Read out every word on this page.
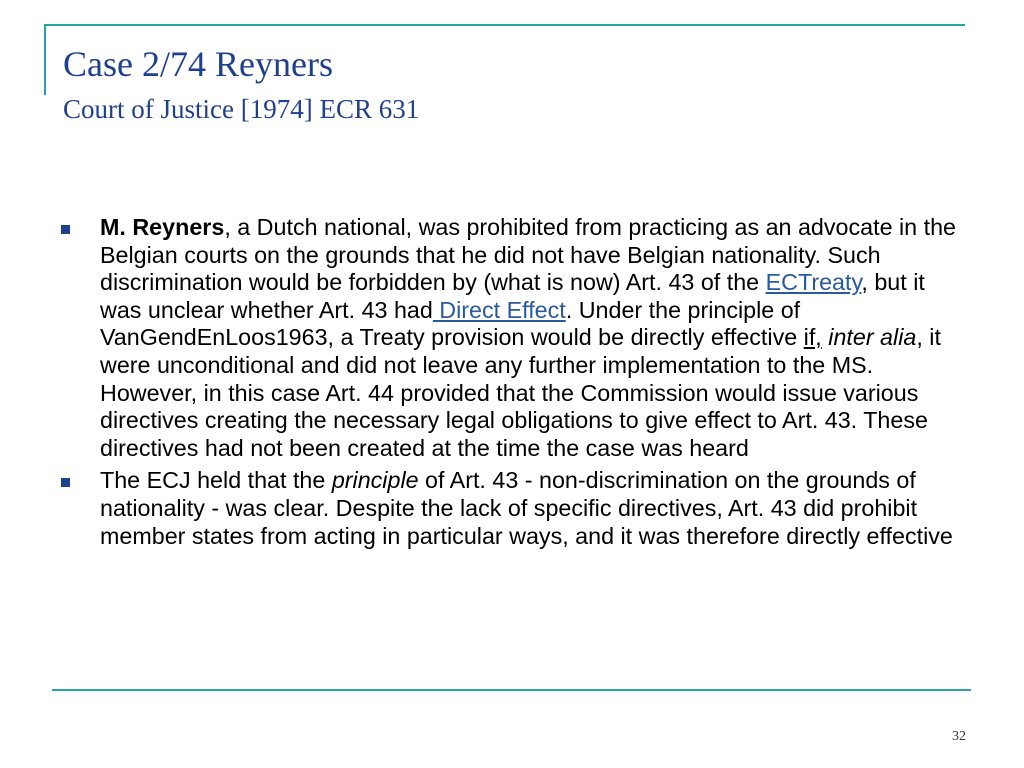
Case 2/74 Reyners
Court of Justice [1974] ECR 631
M. Reyners, a Dutch national, was prohibited from practicing as an advocate in the Belgian courts on the grounds that he did not have Belgian nationality. Such discrimination would be forbidden by (what is now) Art. 43 of the ECTreaty, but it was unclear whether Art. 43 had Direct Effect. Under the principle of VanGendEnLoos1963, a Treaty provision would be directly effective if, inter alia, it were unconditional and did not leave any further implementation to the MS. However, in this case Art. 44 provided that the Commission would issue various directives creating the necessary legal obligations to give effect to Art. 43. These directives had not been created at the time the case was heard
The ECJ held that the principle of Art. 43 - non-discrimination on the grounds of nationality - was clear. Despite the lack of specific directives, Art. 43 did prohibit member states from acting in particular ways, and it was therefore directly effective
32
